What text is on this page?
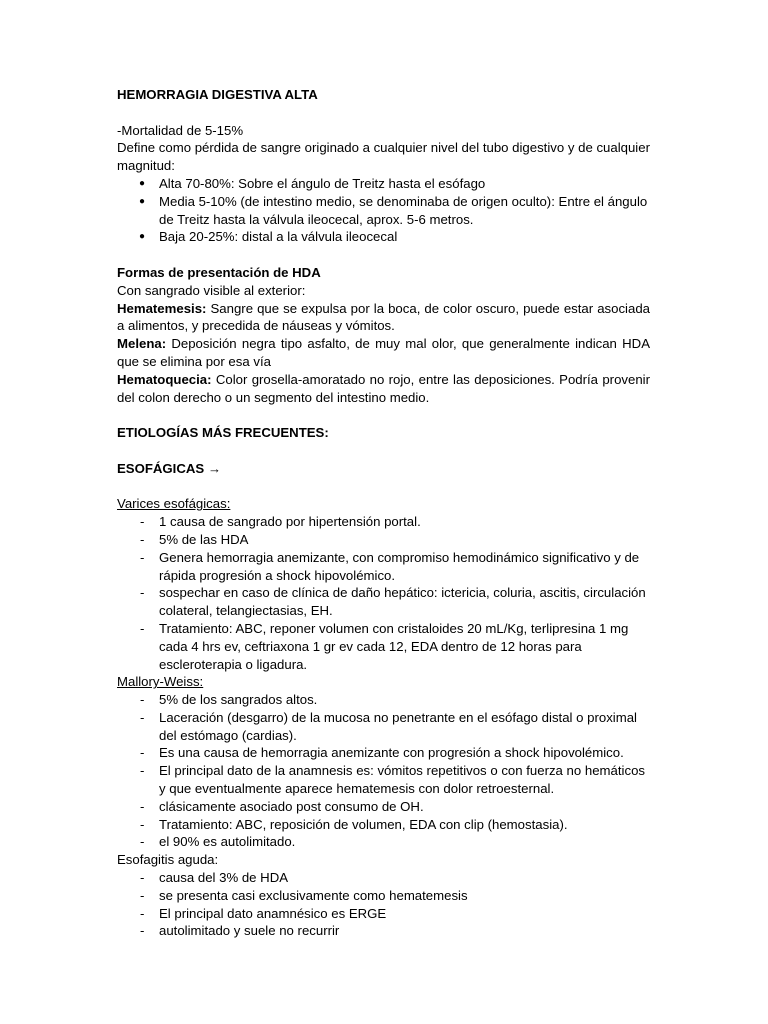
HEMORRAGIA DIGESTIVA ALTA

-Mortalidad de 5-15%

Define como pérdida de sangre originado a cualquier nivel del tubo digestivo y de cualquier magnitud:

● Alta 70-80%: Sobre el ángulo de Treitz hasta el esófago
● Media 5-10% (de intestino medio, se denominaba de origen oculto): Entre el ángulo de Treitz hasta la válvula ileocecal, aprox. 5-6 metros.
● Baja 20-25%: distal a la válvula ileocecal

Formas de presentación de HDA

Con sangrado visible al exterior:

Hematemesis: Sangre que se expulsa por la boca, de color oscuro, puede estar asociada a alimentos, y precedida de náuseas y vómitos.

Melena: Deposición negra tipo asfalto, de muy mal olor, que generalmente indican HDA que se elimina por esa vía

Hematoquecia: Color grosella-amoratado no rojo, entre las deposiciones. Podría provenir del colon derecho o un segmento del intestino medio.

ETIOLOGÍAS MÁS FRECUENTES:

ESOFÁGICAS →

Varices esofágicas:

- 1 causa de sangrado por hipertensión portal.
- 5% de las HDA
- Genera hemorragia anemizante, con compromiso hemodinámico significativo y de rápida progresión a shock hipovolémico.
- sospechar en caso de clínica de daño hepático: ictericia, coluria, ascitis, circulación colateral, telangiectasias, EH.
- Tratamiento: ABC, reponer volumen con cristaloides 20 mL/Kg, terlipresina 1 mg cada 4 hrs ev, ceftriaxona 1 gr ev cada 12, EDA dentro de 12 horas para escleroterapia o ligadura.

Mallory-Weiss:

- 5% de los sangrados altos.
- Laceración (desgarro) de la mucosa no penetrante en el esófago distal o proximal del estómago (cardias).
- Es una causa de hemorragia anemizante con progresión a shock hipovolémico.
- El principal dato de la anamnesis es: vómitos repetitivos o con fuerza no hemáticos y que eventualmente aparece hematemesis con dolor retroesternal.
- clásicamente asociado post consumo de OH.
- Tratamiento: ABC, reposición de volumen, EDA con clip (hemostasia).
- el 90% es autolimitado.

Esofagitis aguda:

- causa del 3% de HDA
- se presenta casi exclusivamente como hematemesis
- El principal dato anamnésico es ERGE
- autolimitado y suele no recurrir
